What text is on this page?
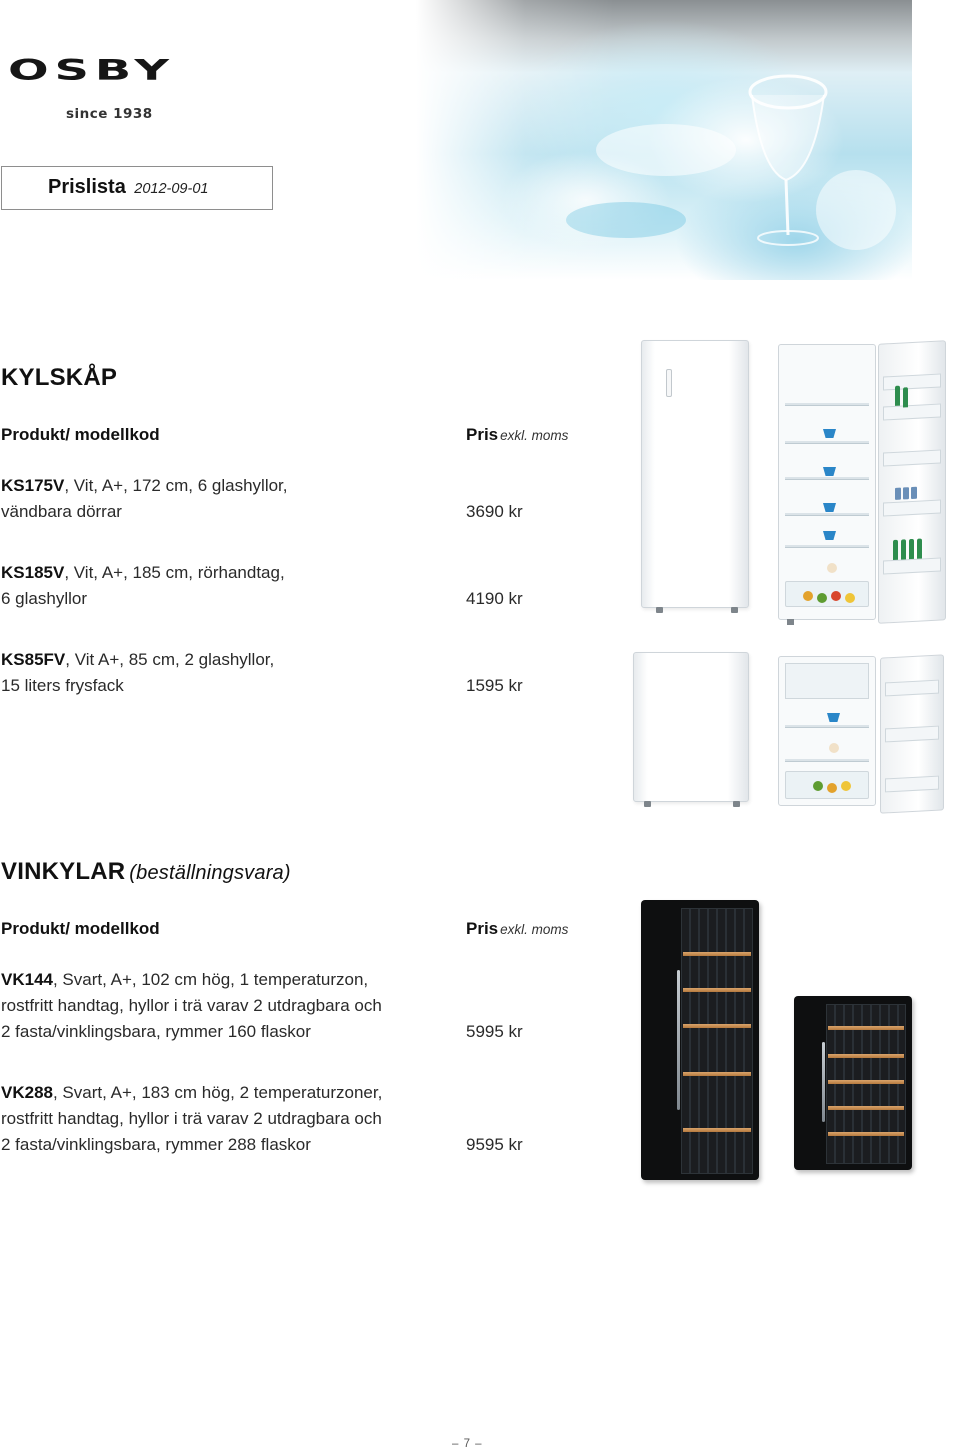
OSBY
since 1938
Prislista 2012-09-01
KYLSKÅP
Produkt/ modellkod	Pris exkl. moms
KS175V, Vit, A+, 172 cm, 6 glashyllor,
vändbara dörrar	3690 kr
KS185V, Vit, A+, 185 cm, rörhandtag,
6 glashyllor	4190 kr
KS85FV, Vit A+, 85 cm, 2 glashyllor,
15 liters frysfack	1595 kr
VINKYLAR (beställningsvara)
Produkt/ modellkod	Pris exkl. moms
VK144, Svart, A+, 102 cm hög, 1 temperaturzon,
rostfritt handtag, hyllor i trä varav 2 utdragbara och
2 fasta/vinklingsbara, rymmer 160 flaskor	5995 kr
VK288, Svart, A+, 183 cm hög, 2 temperaturzoner,
rostfritt handtag, hyllor i trä varav 2 utdragbara och
2 fasta/vinklingsbara, rymmer 288 flaskor	9595 kr
– 7 –
